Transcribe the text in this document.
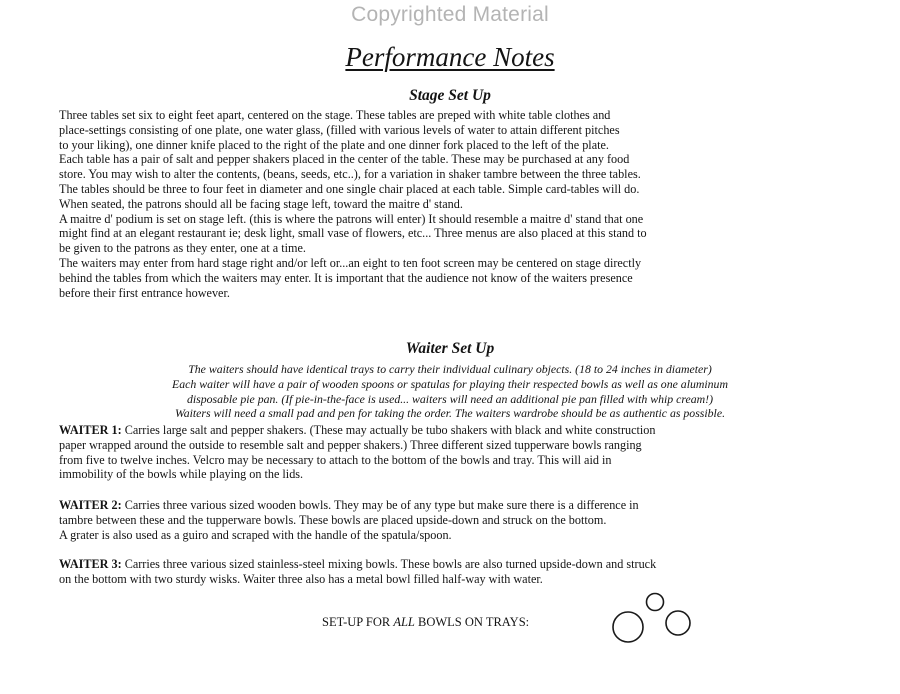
Copyrighted Material
Performance Notes
Stage Set Up
Three tables set six to eight feet apart, centered on the stage. These tables are preped with white table clothes and
place-settings consisting of one plate, one water glass, (filled with various levels of water to attain different pitches
to your liking), one dinner knife placed to the right of the plate and one dinner fork placed to the left of the plate.
Each table has a pair of salt and pepper shakers placed in the center of the table. These may be purchased at any food
store. You may wish to alter the contents, (beans, seeds, etc..), for a variation in shaker tambre between the three tables.
The tables should be three to four feet in diameter and one single chair placed at each table. Simple card-tables will do.
When seated, the patrons should all be facing stage left, toward the maitre d' stand.
A maitre d' podium is set on stage left. (this is where the patrons will enter) It should resemble a maitre d' stand that one
might find at an elegant restaurant ie; desk light, small vase of flowers, etc... Three menus are also placed at this stand to
be given to the patrons as they enter, one at a time.
The waiters may enter from hard stage right and/or left or...an eight to ten foot screen may be centered on stage directly
behind the tables from which the waiters may enter. It is important that the audience not know of the waiters presence
before their first entrance however.
Waiter Set Up
The waiters should have identical trays to carry their individual culinary objects. (18 to 24 inches in diameter)
Each waiter will have a pair of wooden spoons or spatulas for playing their respected bowls as well as one aluminum
disposable pie pan. (If pie-in-the-face is used... waiters will need an additional pie pan filled with whip cream!)
Waiters will need a small pad and pen for taking the order. The waiters wardrobe should be as authentic as possible.
WAITER 1: Carries large salt and pepper shakers. (These may actually be tubo shakers with black and white construction
paper wrapped around the outside to resemble salt and pepper shakers.) Three different sized tupperware bowls ranging
from five to twelve inches. Velcro may be necessary to attach to the bottom of the bowls and tray. This will aid in
immobility of the bowls while playing on the lids.
WAITER 2: Carries three various sized wooden bowls. They may be of any type but make sure there is a difference in
tambre between these and the tupperware bowls. These bowls are placed upside-down and struck on the bottom.
A grater is also used as a guiro and scraped with the handle of the spatula/spoon.
WAITER 3: Carries three various sized stainless-steel mixing bowls. These bowls are also turned upside-down and struck
on the bottom with two sturdy wisks. Waiter three also has a metal bowl filled half-way with water.
SET-UP FOR ALL BOWLS ON TRAYS:
